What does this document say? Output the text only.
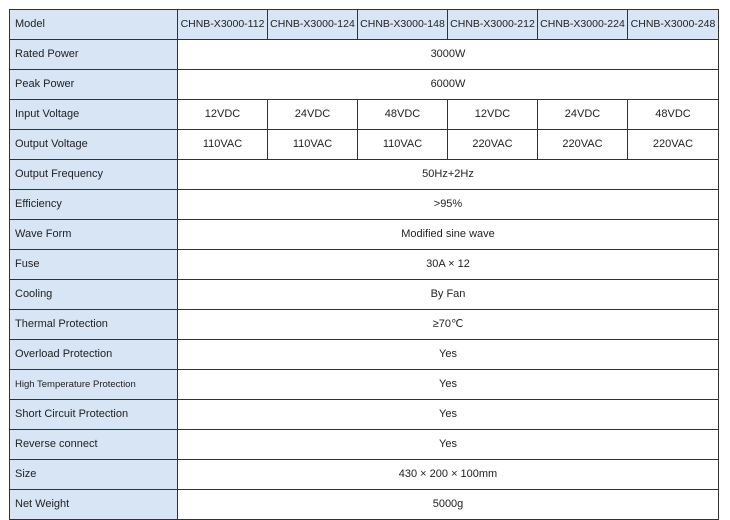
Model	CHNB-X3000-112	CHNB-X3000-124	CHNB-X3000-148	CHNB-X3000-212	CHNB-X3000-224	CHNB-X3000-248
Rated Power	3000W					
Peak Power	6000W					
Input Voltage	12VDC	24VDC	48VDC	12VDC	24VDC	48VDC
Output Voltage	110VAC	110VAC	110VAC	220VAC	220VAC	220VAC
Output Frequency	50Hz+2Hz					
Efficiency	>95%					
Wave Form	Modified sine wave					
Fuse	30A × 12					
Cooling	By Fan					
Thermal Protection	≥70℃					
Overload Protection	Yes					
High Temperature Protection	Yes					
Short Circuit Protection	Yes					
Reverse connect	Yes					
Size	430 × 200 × 100mm					
Net Weight	5000g					
